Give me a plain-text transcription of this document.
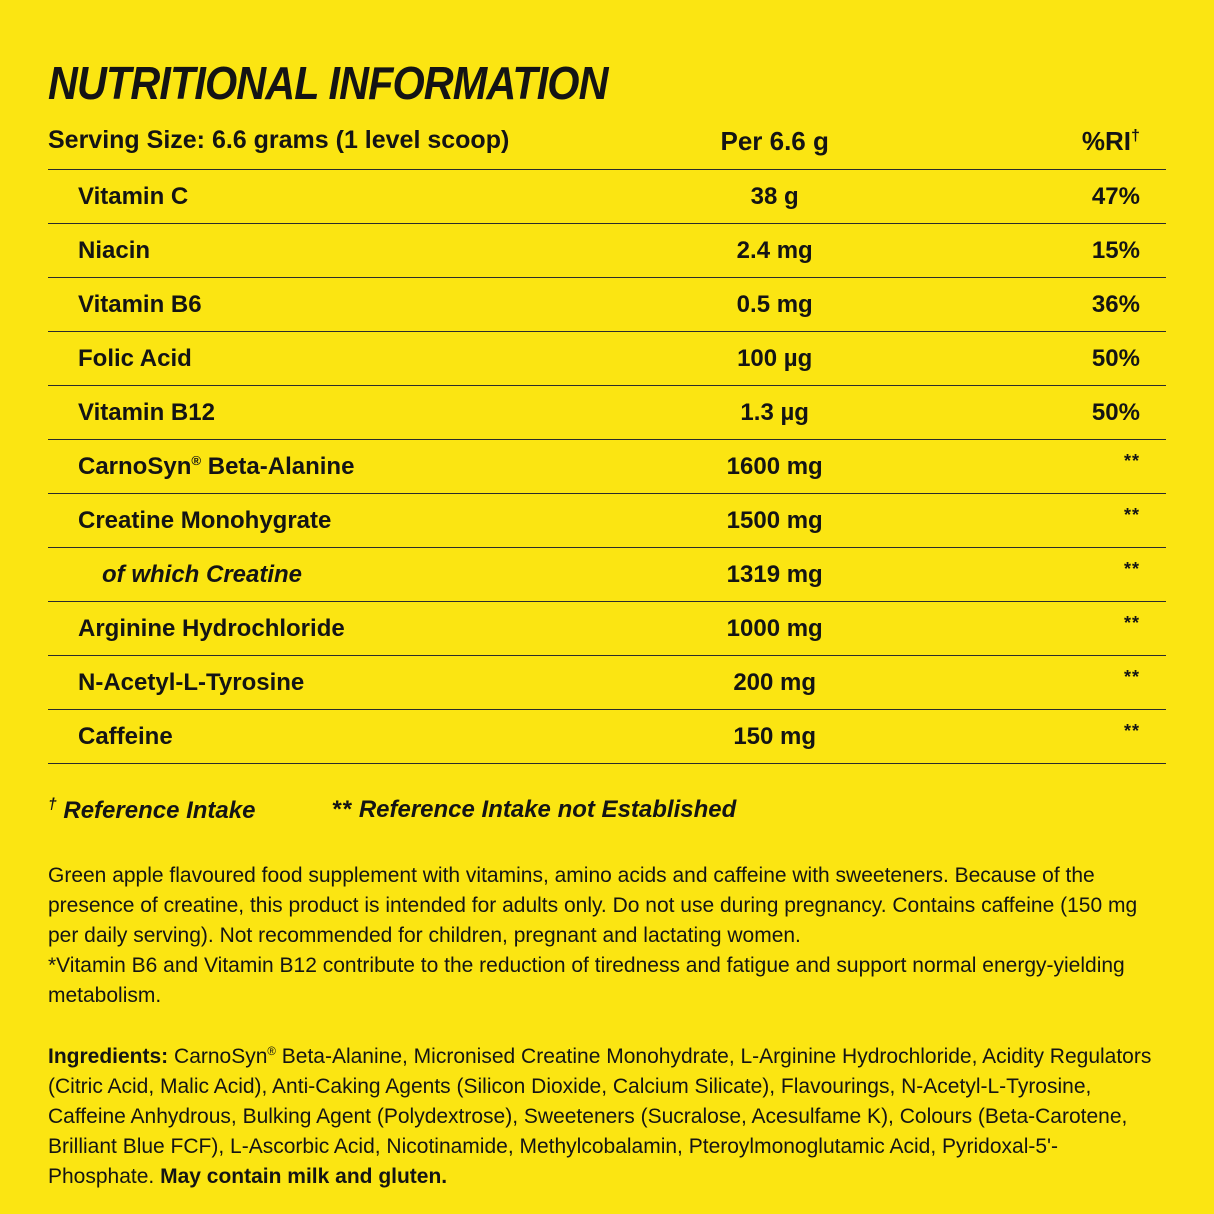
NUTRITIONAL INFORMATION
Serving Size: 6.6 grams (1 level scoop)	Per 6.6 g	%RI†
Vitamin C	38 g	47%
Niacin	2.4 mg	15%
Vitamin B6	0.5 mg	36%
Folic Acid	100 µg	50%
Vitamin B12	1.3 µg	50%
CarnoSyn® Beta-Alanine	1600 mg	**
Creatine Monohygrate	1500 mg	**
of which Creatine	1319 mg	**
Arginine Hydrochloride	1000 mg	**
N-Acetyl-L-Tyrosine	200 mg	**
Caffeine	150 mg	**
† Reference Intake	** Reference Intake not Established
Green apple flavoured food supplement with vitamins, amino acids and caffeine with sweeteners. Because of the presence of creatine, this product is intended for adults only. Do not use during pregnancy. Contains caffeine (150 mg per daily serving). Not recommended for children, pregnant and lactating women.
*Vitamin B6 and Vitamin B12 contribute to the reduction of tiredness and fatigue and support normal energy-yielding metabolism.

Ingredients: CarnoSyn® Beta-Alanine, Micronised Creatine Monohydrate, L-Arginine Hydrochloride, Acidity Regulators (Citric Acid, Malic Acid), Anti-Caking Agents (Silicon Dioxide, Calcium Silicate), Flavourings, N-Acetyl-L-Tyrosine, Caffeine Anhydrous, Bulking Agent (Polydextrose), Sweeteners (Sucralose, Acesulfame K), Colours (Beta-Carotene, Brilliant Blue FCF), L-Ascorbic Acid, Nicotinamide, Methylcobalamin, Pteroylmonoglutamic Acid, Pyridoxal-5'-Phosphate. May contain milk and gluten.
